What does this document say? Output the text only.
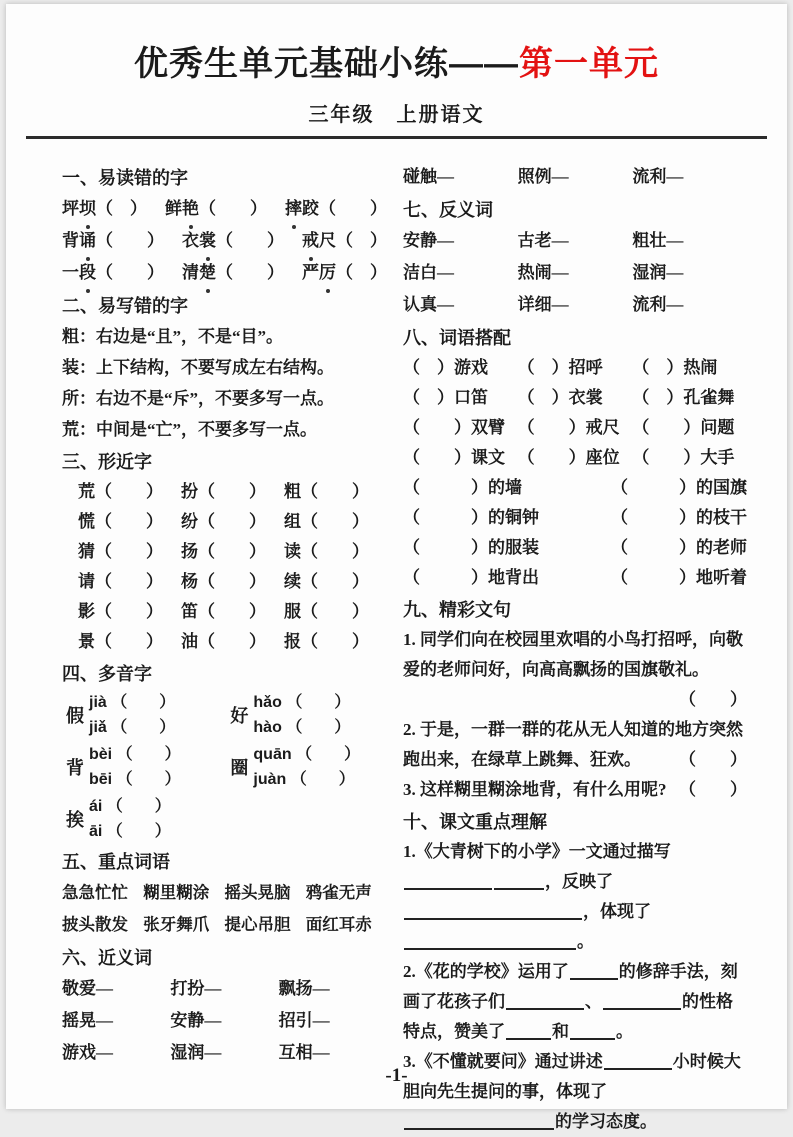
优秀生单元基础小练——第一单元
三年级　上册语文
一、易读错的字
坪坝（　） 鲜艳（　　） 摔跤（　　）
背诵（　　） 衣裳（　　） 戒尺（　）
一段（　　） 清楚（　　） 严厉（　）
二、易写错的字
粗：右边是“且”，不是“目”。
装：上下结构，不要写成左右结构。
所：右边不是“斥”，不要多写一点。
荒：中间是“亡”，不要多写一点。
三、形近字
荒（　　）	扮（　　）	粗（　　）
慌（　　）	纷（　　）	组（　　）
猜（　　）	扬（　　）	读（　　）
请（　　）	杨（　　）	续（　　）
影（　　）	笛（　　）	服（　　）
景（　　）	油（　　）	报（　　）
四、多音字
假
jià （　　）
jiǎ （　　）
好
hǎo （　　）
hào （　　）
背
bèi （　　）
bēi （　　）
圈
quān （　　）
juàn （　　）
挨
ái （　　）
āi （　　）
五、重点词语
急急忙忙 糊里糊涂 摇头晃脑 鸦雀无声
披头散发 张牙舞爪 提心吊胆 面红耳赤
六、近义词
敬爱—	打扮—	飘扬—
摇晃—	安静—	招引—
游戏—	湿润—	互相—
碰触—	照例—	流利—
七、反义词
安静—	古老—	粗壮—
洁白—	热闹—	湿润—
认真—	详细—	流利—
八、词语搭配
（　）游戏	（　）招呼	（　）热闹
（　）口笛	（　）衣裳	（　）孔雀舞
（　　）双臂 （　　）戒尺 （　　）问题
（　　）课文 （　　）座位 （　　）大手
（　　　）的墙	（　　　）的国旗
（　　　）的铜钟	（　　　）的枝干
（　　　）的服装	（　　　）的老师
（　　　）地背出	（　　　）地听着
九、精彩文句
1. 同学们向在校园里欢唱的小鸟打招呼，向敬爱的老师问好，向高高飘扬的国旗敬礼。
（　　）
2. 于是，一群一群的花从无人知道的地方突然跑出来，在绿草上跳舞、狂欢。 （　　）
3. 这样糊里糊涂地背，有什么用呢? （　　）
十、课文重点理解
1.《大青树下的小学》一文通过描写，反映了，体现了。
2.《花的学校》运用了	的修辞手法，刻画了花孩子们	、	的性格特点，赞美了	和	。
3.《不懂就要问》通过讲述	小时候大胆向先生提问的事，体现了的学习态度。
-1-
